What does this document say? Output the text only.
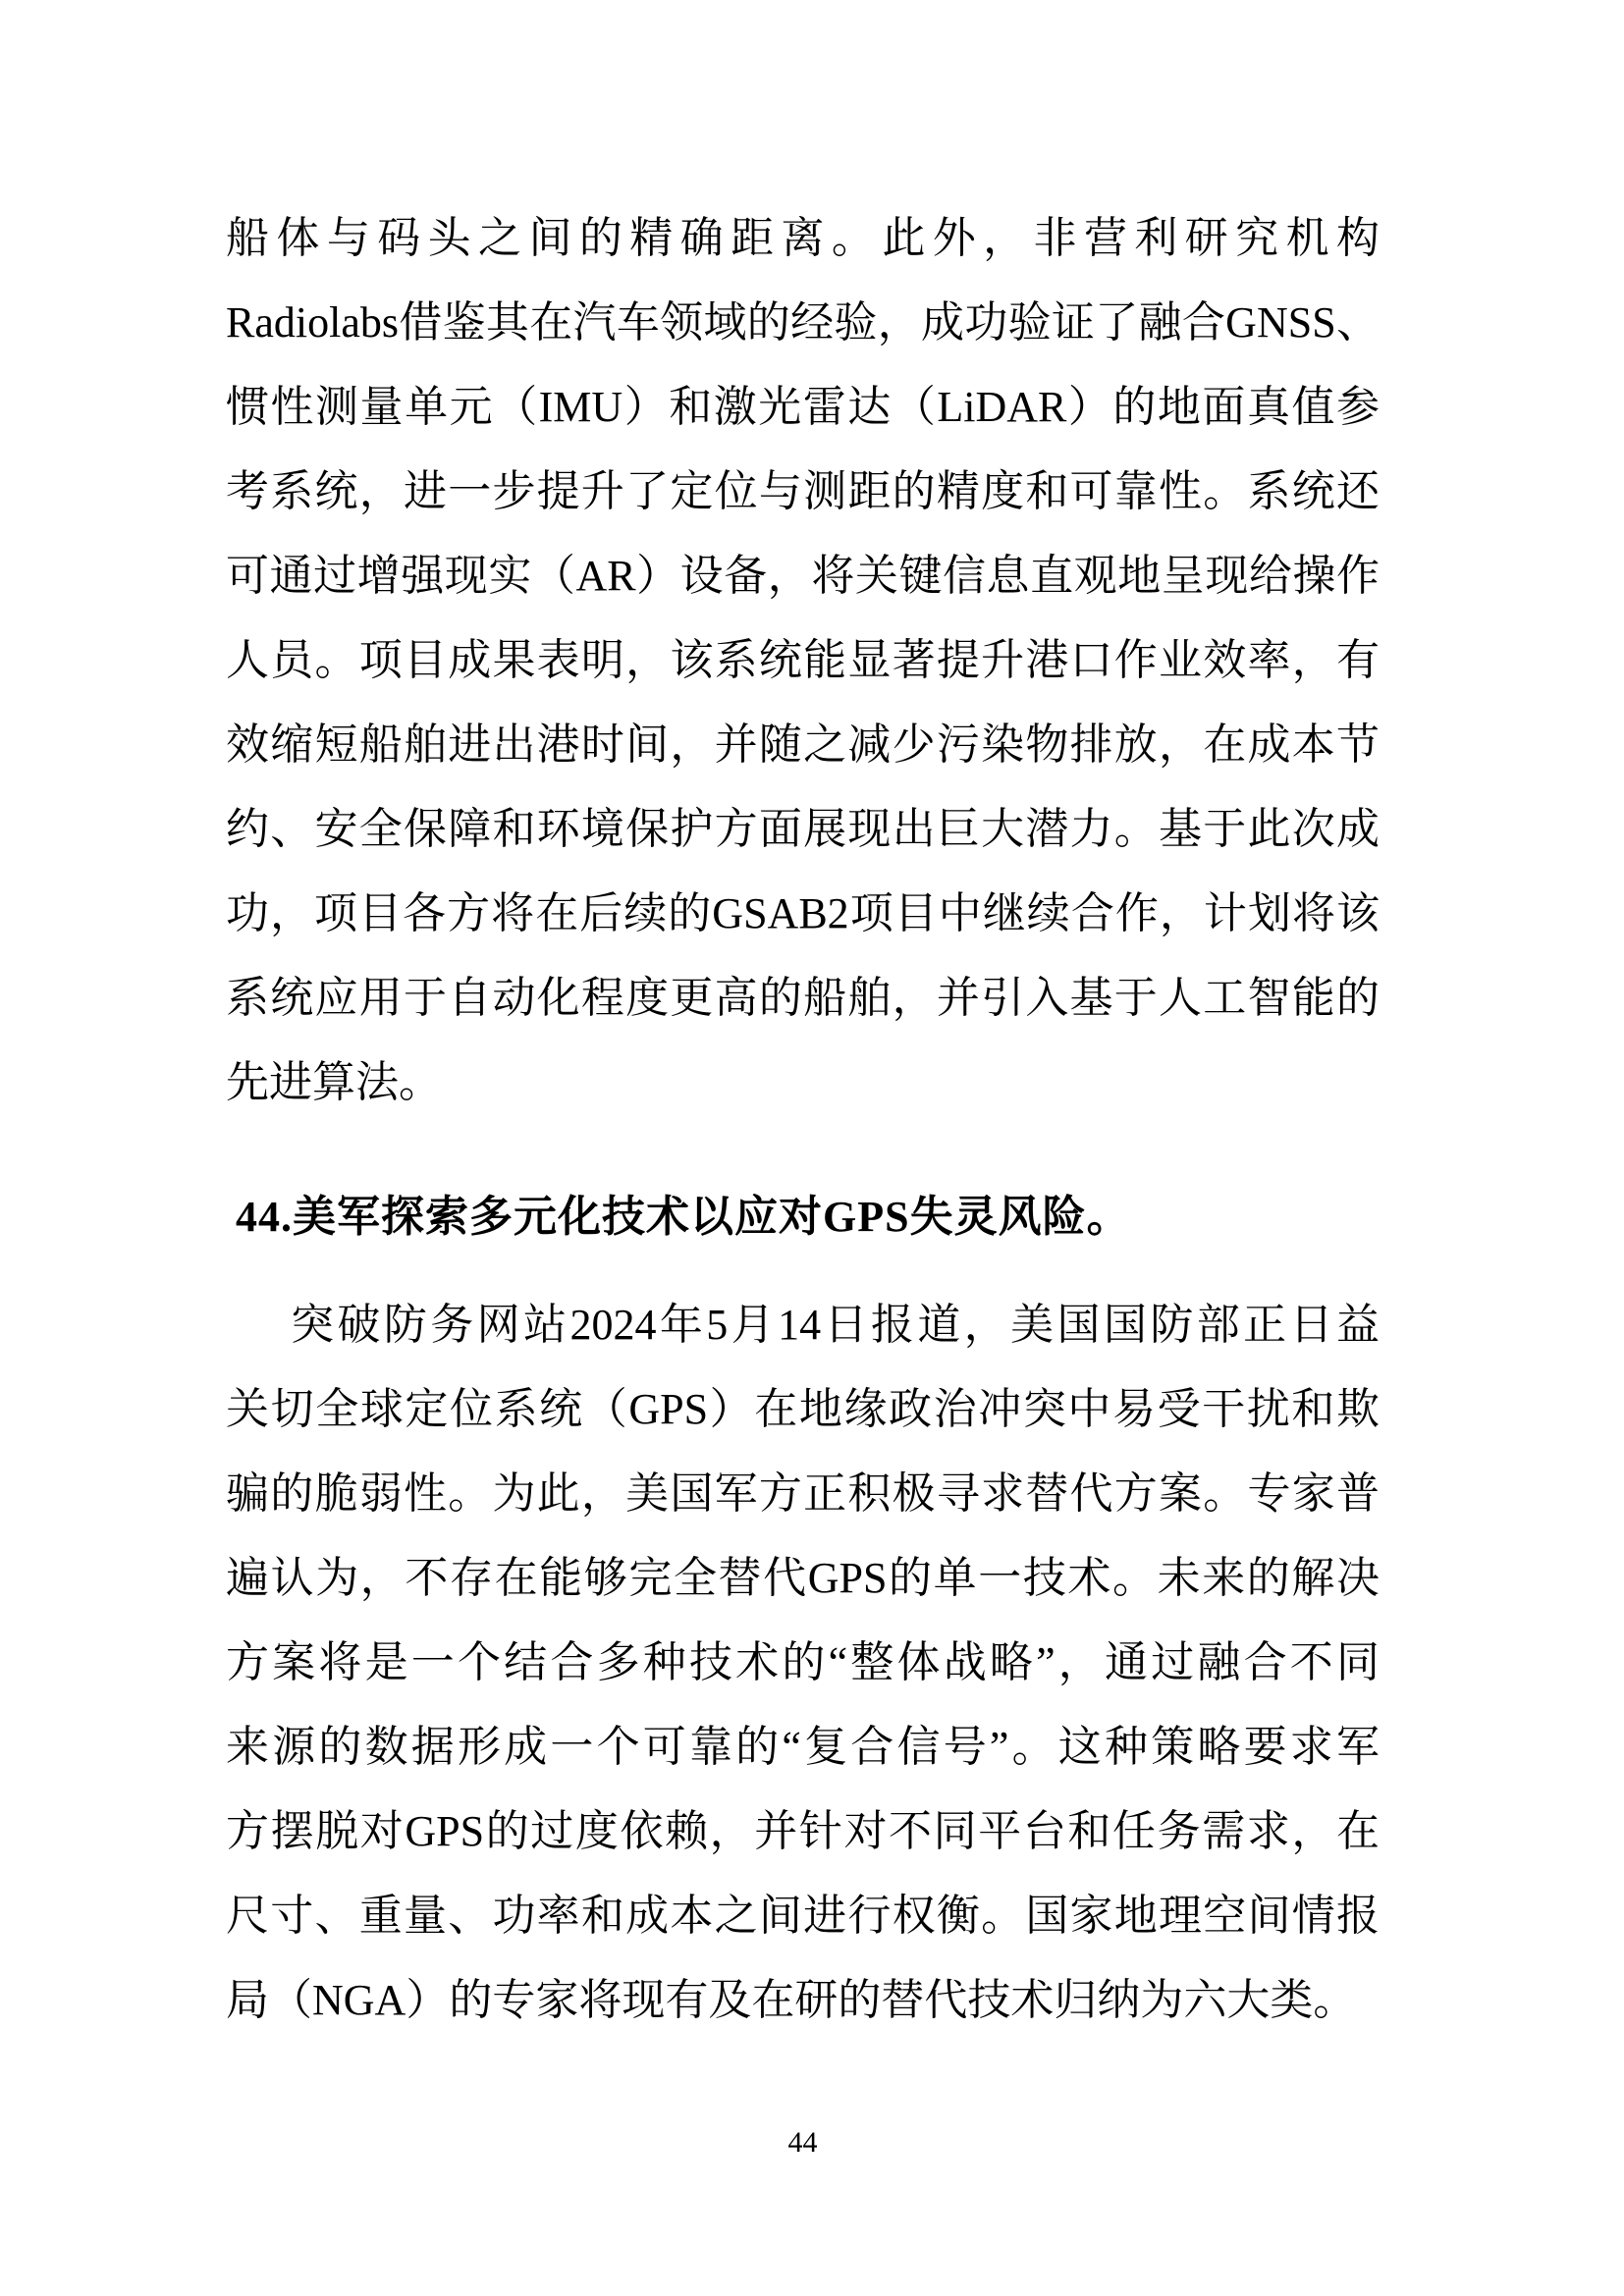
船体与码头之间的精确距离。此外，非营利研究机构
Radiolabs借鉴其在汽车领域的经验，成功验证了融合GNSS、
惯性测量单元（IMU）和激光雷达（LiDAR）的地面真值参
考系统，进一步提升了定位与测距的精度和可靠性。系统还
可通过增强现实（AR）设备，将关键信息直观地呈现给操作
人员。项目成果表明，该系统能显著提升港口作业效率，有
效缩短船舶进出港时间，并随之减少污染物排放，在成本节
约、安全保障和环境保护方面展现出巨大潜力。基于此次成
功，项目各方将在后续的GSAB2项目中继续合作，计划将该
系统应用于自动化程度更高的船舶，并引入基于人工智能的
先进算法。
44.美军探索多元化技术以应对GPS失灵风险。
突破防务网站2024年5月14日报道，美国国防部正日益
关切全球定位系统（GPS）在地缘政治冲突中易受干扰和欺
骗的脆弱性。为此，美国军方正积极寻求替代方案。专家普
遍认为，不存在能够完全替代GPS的单一技术。未来的解决
方案将是一个结合多种技术的“整体战略”，通过融合不同
来源的数据形成一个可靠的“复合信号”。这种策略要求军
方摆脱对GPS的过度依赖，并针对不同平台和任务需求，在
尺寸、重量、功率和成本之间进行权衡。国家地理空间情报
局（NGA）的专家将现有及在研的替代技术归纳为六大类。
44
